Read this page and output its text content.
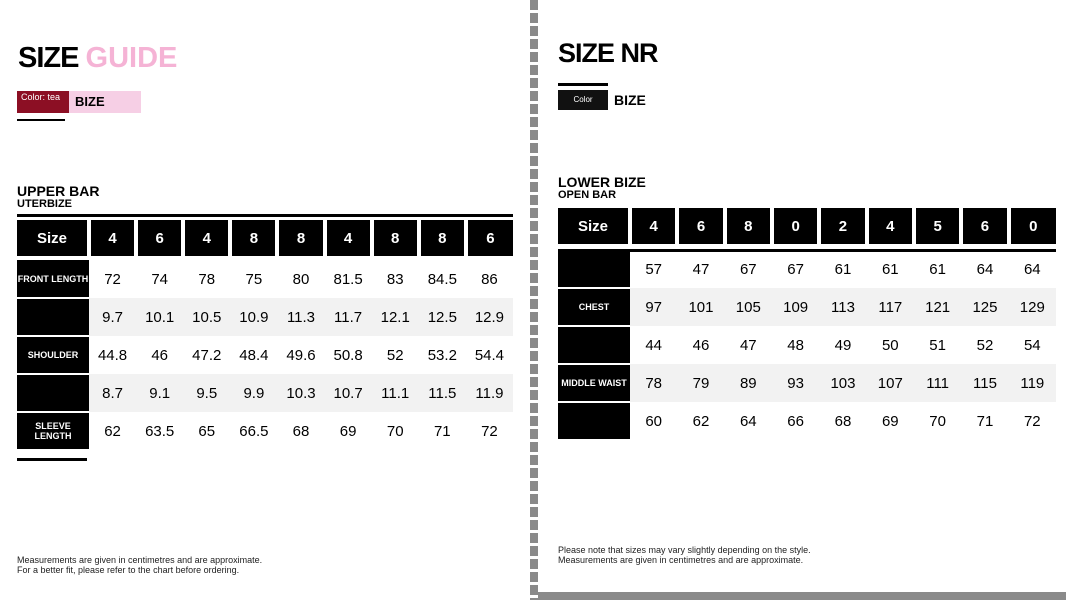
SIZE GUIDE
Color: tea	BIZE
UPPER BAR
UTERBIZE
Size	4	6	4	8	8	4	8	8	6

FRONT LENGTH	72	74	78	75	80	81.5	83	84.5	86
	9.7	10.1	10.5	10.9	11.3	11.7	12.1	12.5	12.9
SHOULDER	44.8	46	47.2	48.4	49.6	50.8	52	53.2	54.4
	8.7	9.1	9.5	9.9	10.3	10.7	11.1	11.5	11.9
SLEEVE LENGTH	62	63.5	65	66.5	68	69	70	71	72
Measurements are given in centimetres and are approximate.
For a better fit, please refer to the chart before ordering.
SIZE NR
Color	BIZE
LOWER BIZE
OPEN BAR
Size	4	6	8	0	2	4	5	6	0

	57	47	67	67	61	61	61	64	64
CHEST	97	101	105	109	113	117	121	125	129
	44	46	47	48	49	50	51	52	54
MIDDLE WAIST	78	79	89	93	103	107	111	115	119
	60	62	64	66	68	69	70	71	72
Please note that sizes may vary slightly depending on the style.
Measurements are given in centimetres and are approximate.
